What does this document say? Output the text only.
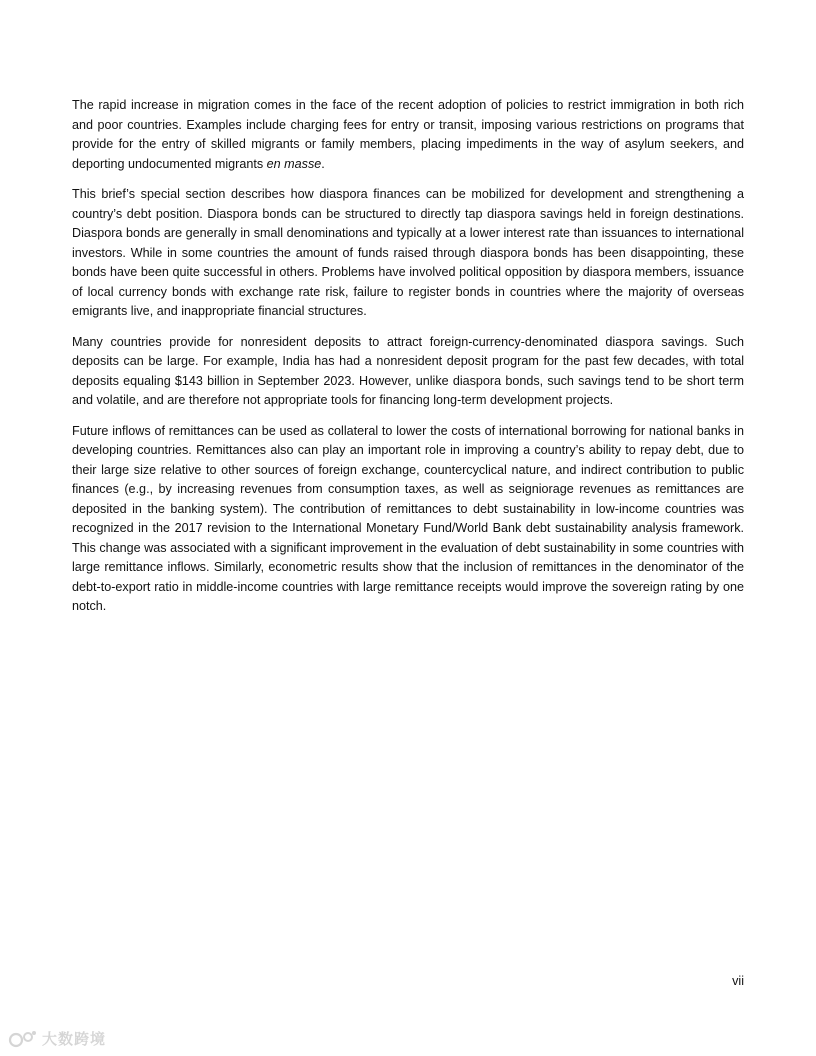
The rapid increase in migration comes in the face of the recent adoption of policies to restrict immigration in both rich and poor countries. Examples include charging fees for entry or transit, imposing various restrictions on programs that provide for the entry of skilled migrants or family members, placing impediments in the way of asylum seekers, and deporting undocumented migrants en masse.

This brief’s special section describes how diaspora finances can be mobilized for development and strengthening a country’s debt position. Diaspora bonds can be structured to directly tap diaspora savings held in foreign destinations. Diaspora bonds are generally in small denominations and typically at a lower interest rate than issuances to international investors. While in some countries the amount of funds raised through diaspora bonds has been disappointing, these bonds have been quite successful in others. Problems have involved political opposition by diaspora members, issuance of local currency bonds with exchange rate risk, failure to register bonds in countries where the majority of overseas emigrants live, and inappropriate financial structures.

Many countries provide for nonresident deposits to attract foreign-currency-denominated diaspora savings. Such deposits can be large. For example, India has had a nonresident deposit program for the past few decades, with total deposits equaling $143 billion in September 2023. However, unlike diaspora bonds, such savings tend to be short term and volatile, and are therefore not appropriate tools for financing long-term development projects.

Future inflows of remittances can be used as collateral to lower the costs of international borrowing for national banks in developing countries. Remittances also can play an important role in improving a country’s ability to repay debt, due to their large size relative to other sources of foreign exchange, countercyclical nature, and indirect contribution to public finances (e.g., by increasing revenues from consumption taxes, as well as seigniorage revenues as remittances are deposited in the banking system). The contribution of remittances to debt sustainability in low-income countries was recognized in the 2017 revision to the International Monetary Fund/World Bank debt sustainability analysis framework. This change was associated with a significant improvement in the evaluation of debt sustainability in some countries with large remittance inflows. Similarly, econometric results show that the inclusion of remittances in the denominator of the debt-to-export ratio in middle-income countries with large remittance receipts would improve the sovereign rating by one notch.

vii
大数跨境
